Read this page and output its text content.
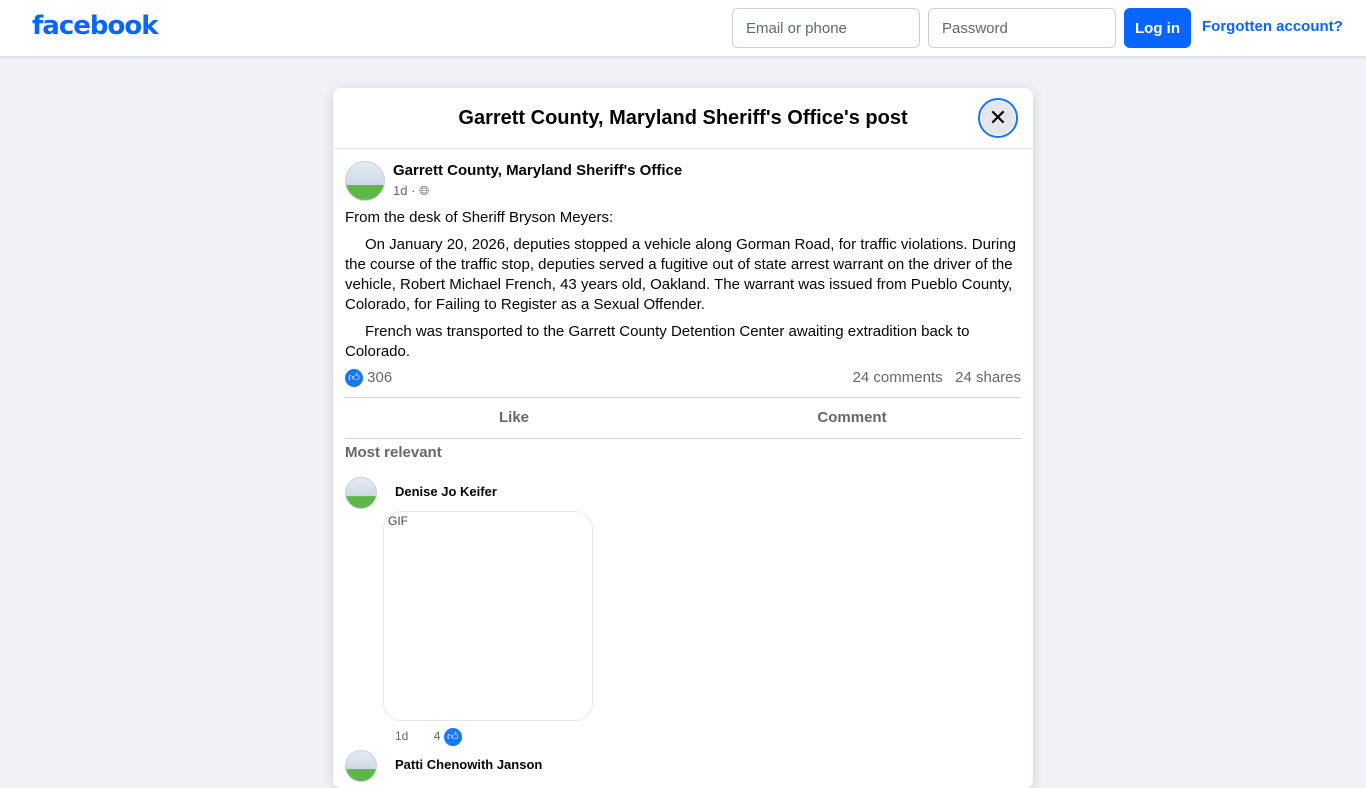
facebook
Email or phone	Log in	Forgotten account?
Garrett County, Maryland Sheriff's Office's post	✕
Garrett County, Maryland Sheriff's Office
1d · 🌐︎

From the desk of Sheriff Bryson Meyers:

On January 20, 2026, deputies stopped a vehicle along Gorman Road, for traffic violations. During the course of the traffic stop, deputies served a fugitive out of state arrest warrant on the driver of the vehicle, Robert Michael French, 43 years old, Oakland. The warrant was issued from Pueblo County, Colorado, for Failing to Register as a Sexual Offender.

French was transported to the Garrett County Detention Center awaiting extradition back to Colorado.

👍︎ 306	24 comments 24 shares
Like	Comment
Most relevant
Denise Jo Keifer
GIF
1d 4 👍︎
Patti Chenowith Janson
